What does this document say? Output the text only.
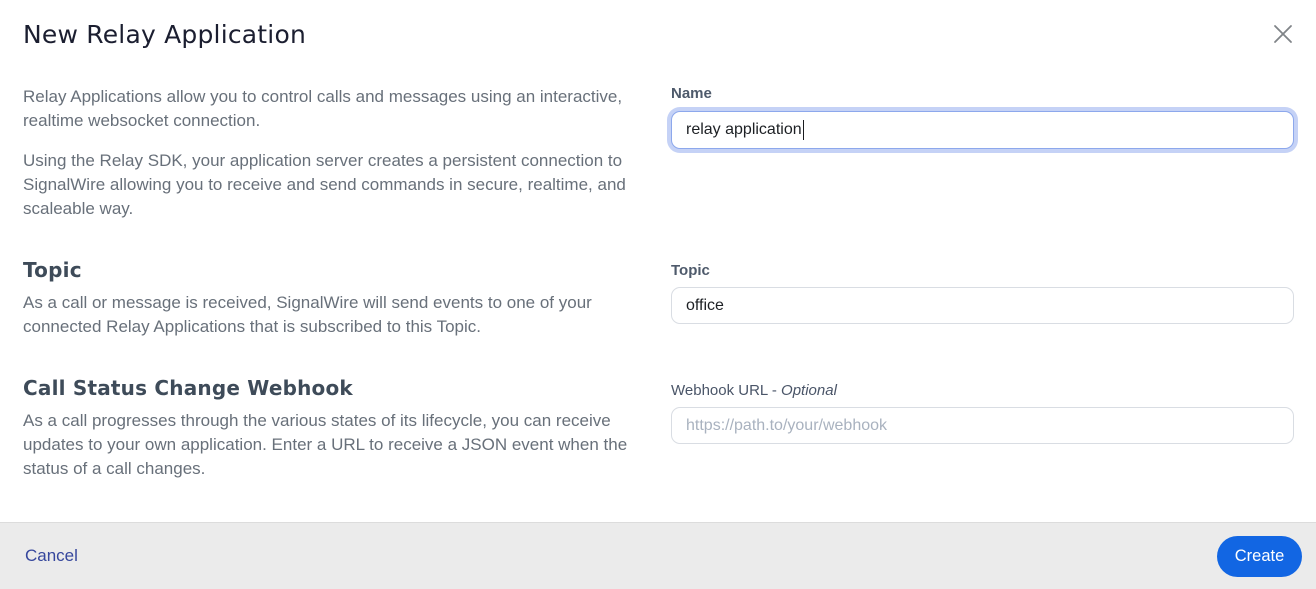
New Relay Application

Relay Applications allow you to control calls and messages using an interactive, realtime websocket connection.

Using the Relay SDK, your application server creates a persistent connection to SignalWire allowing you to receive and send commands in secure, realtime, and scaleable way.

Topic

As a call or message is received, SignalWire will send events to one of your connected Relay Applications that is subscribed to this Topic.

Call Status Change Webhook

As a call progresses through the various states of its lifecycle, you can receive updates to your own application. Enter a URL to receive a JSON event when the status of a call changes.

Name
relay application
Topic
office
Webhook URL - Optional
https://path.to/your/webhook
Cancel	Create
